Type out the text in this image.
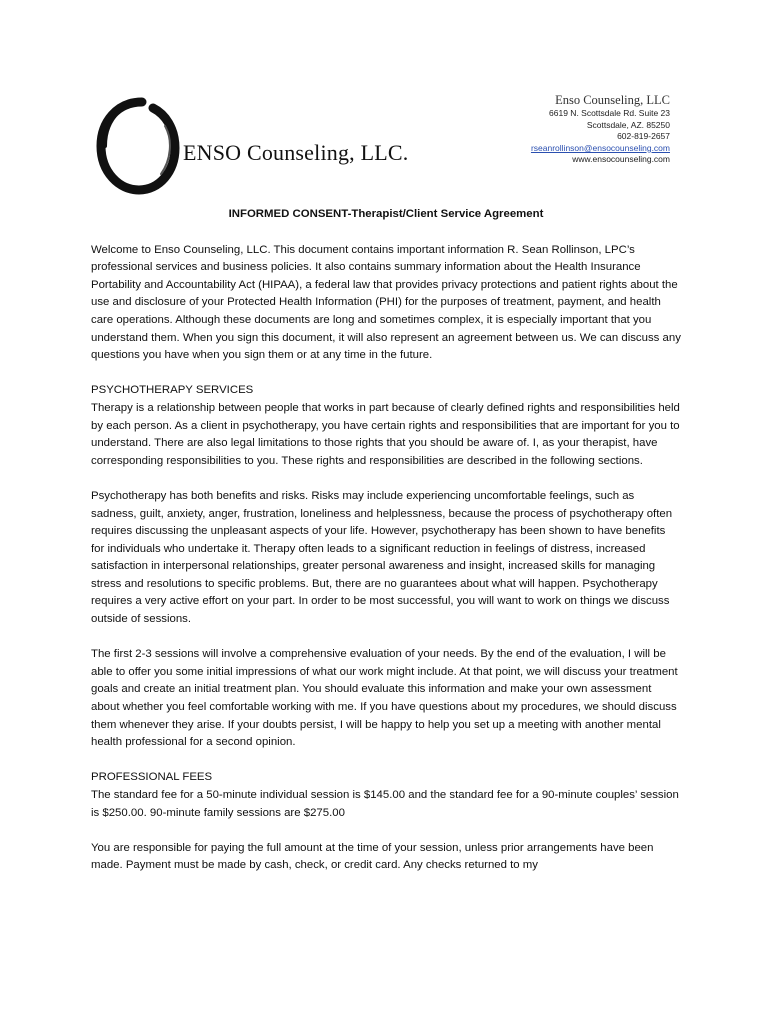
ENSO Counseling, LLC.
Enso Counseling, LLC
6619 N. Scottsdale Rd. Suite 23
Scottsdale, AZ. 85250
602-819-2657
rseanrollinson@ensocounseling.com
www.ensocounseling.com
INFORMED CONSENT-Therapist/Client Service Agreement

Welcome to Enso Counseling, LLC. This document contains important information R. Sean Rollinson, LPC’s professional services and business policies. It also contains summary information about the Health Insurance Portability and Accountability Act (HIPAA), a federal law that provides privacy protections and patient rights about the use and disclosure of your Protected Health Information (PHI) for the purposes of treatment, payment, and health care operations. Although these documents are long and sometimes complex, it is especially important that you understand them. When you sign this document, it will also represent an agreement between us. We can discuss any questions you have when you sign them or at any time in the future.

PSYCHOTHERAPY SERVICES
Therapy is a relationship between people that works in part because of clearly defined rights and responsibilities held by each person. As a client in psychotherapy, you have certain rights and responsibilities that are important for you to understand. There are also legal limitations to those rights that you should be aware of. I, as your therapist, have corresponding responsibilities to you. These rights and responsibilities are described in the following sections.

Psychotherapy has both benefits and risks. Risks may include experiencing uncomfortable feelings, such as sadness, guilt, anxiety, anger, frustration, loneliness and helplessness, because the process of psychotherapy often requires discussing the unpleasant aspects of your life. However, psychotherapy has been shown to have benefits for individuals who undertake it. Therapy often leads to a significant reduction in feelings of distress, increased satisfaction in interpersonal relationships, greater personal awareness and insight, increased skills for managing stress and resolutions to specific problems. But, there are no guarantees about what will happen. Psychotherapy requires a very active effort on your part. In order to be most successful, you will want to work on things we discuss outside of sessions.

The first 2-3 sessions will involve a comprehensive evaluation of your needs. By the end of the evaluation, I will be able to offer you some initial impressions of what our work might include. At that point, we will discuss your treatment goals and create an initial treatment plan. You should evaluate this information and make your own assessment about whether you feel comfortable working with me. If you have questions about my procedures, we should discuss them whenever they arise. If your doubts persist, I will be happy to help you set up a meeting with another mental health professional for a second opinion.

PROFESSIONAL FEES
The standard fee for a 50-minute individual session is $145.00 and the standard fee for a 90-minute couples’ session is $250.00. 90-minute family sessions are $275.00

You are responsible for paying the full amount at the time of your session, unless prior arrangements have been made. Payment must be made by cash, check, or credit card. Any checks returned to my
